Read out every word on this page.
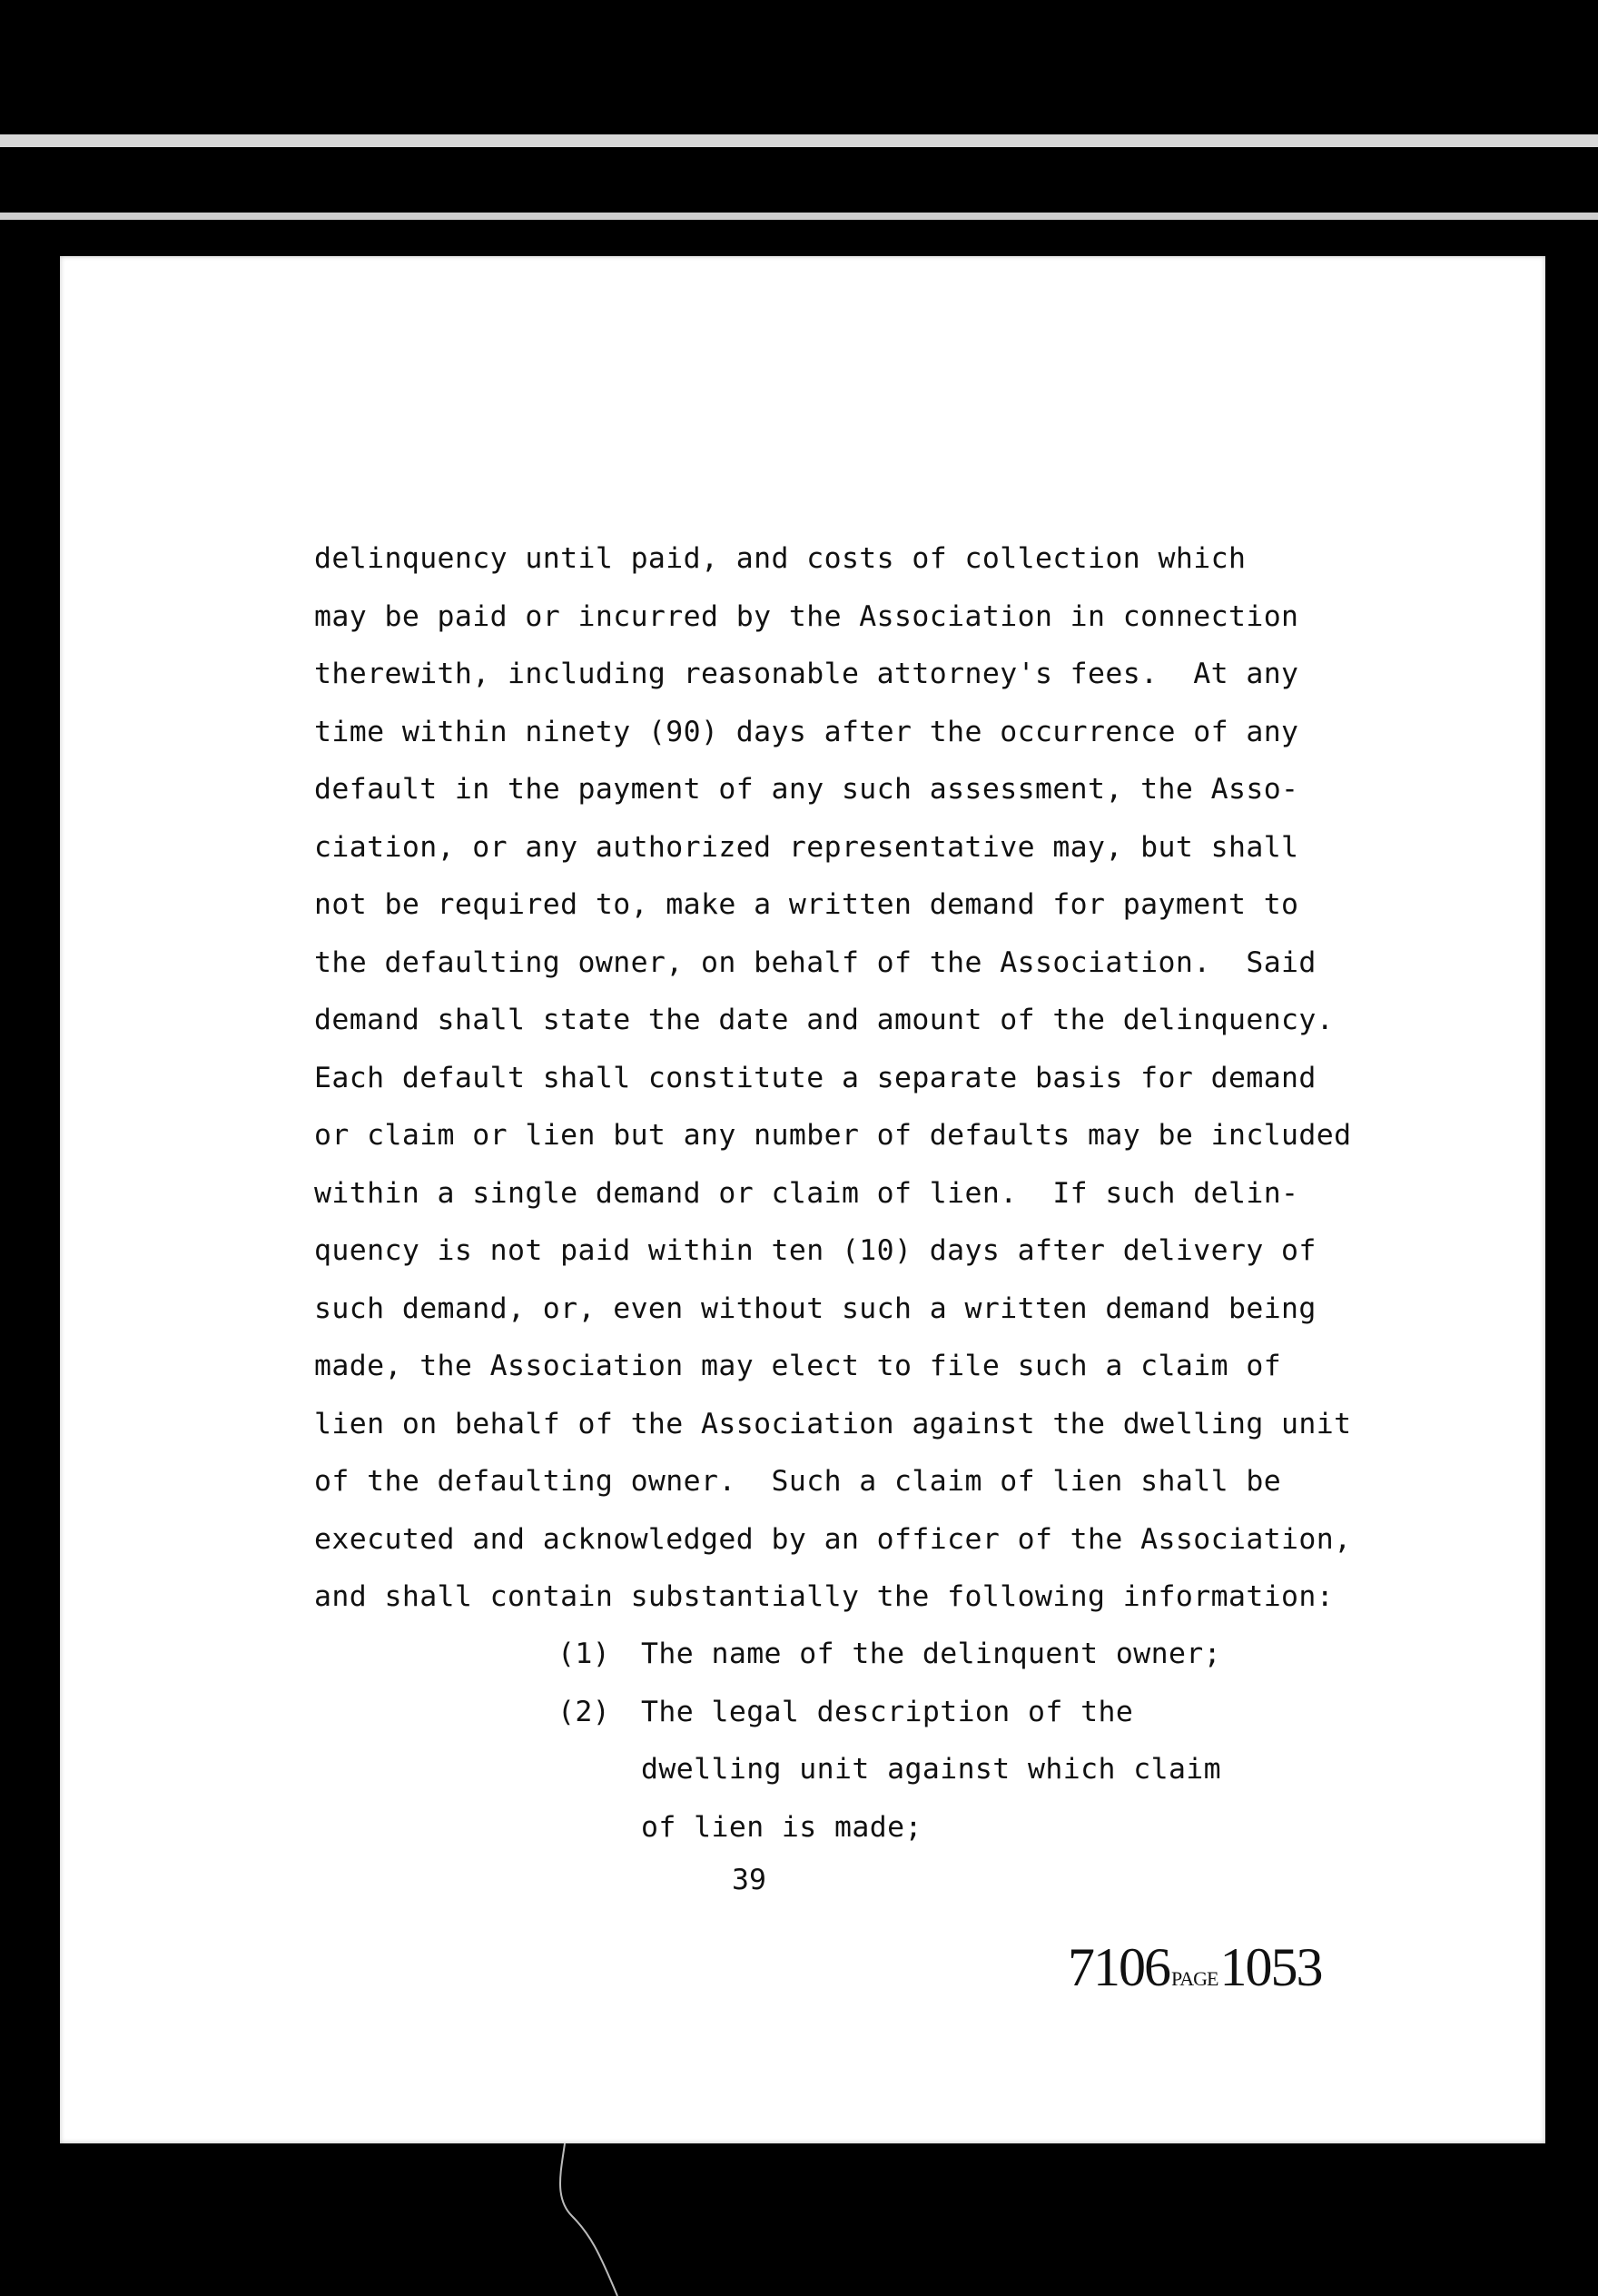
delinquency until paid, and costs of collection which
may be paid or incurred by the Association in connection
therewith, including reasonable attorney's fees.  At any
time within ninety (90) days after the occurrence of any
default in the payment of any such assessment, the Asso-
ciation, or any authorized representative may, but shall
not be required to, make a written demand for payment to
the defaulting owner, on behalf of the Association.  Said
demand shall state the date and amount of the delinquency.
Each default shall constitute a separate basis for demand
or claim or lien but any number of defaults may be included
within a single demand or claim of lien.  If such delin-
quency is not paid within ten (10) days after delivery of
such demand, or, even without such a written demand being
made, the Association may elect to file such a claim of
lien on behalf of the Association against the dwelling unit
of the defaulting owner.  Such a claim of lien shall be
executed and acknowledged by an officer of the Association,
and shall contain substantially the following information:
(1)	The name of the delinquent owner;
(2)	The legal description of the
dwelling unit against which claim
of lien is made;
39
7106PAGE1053
